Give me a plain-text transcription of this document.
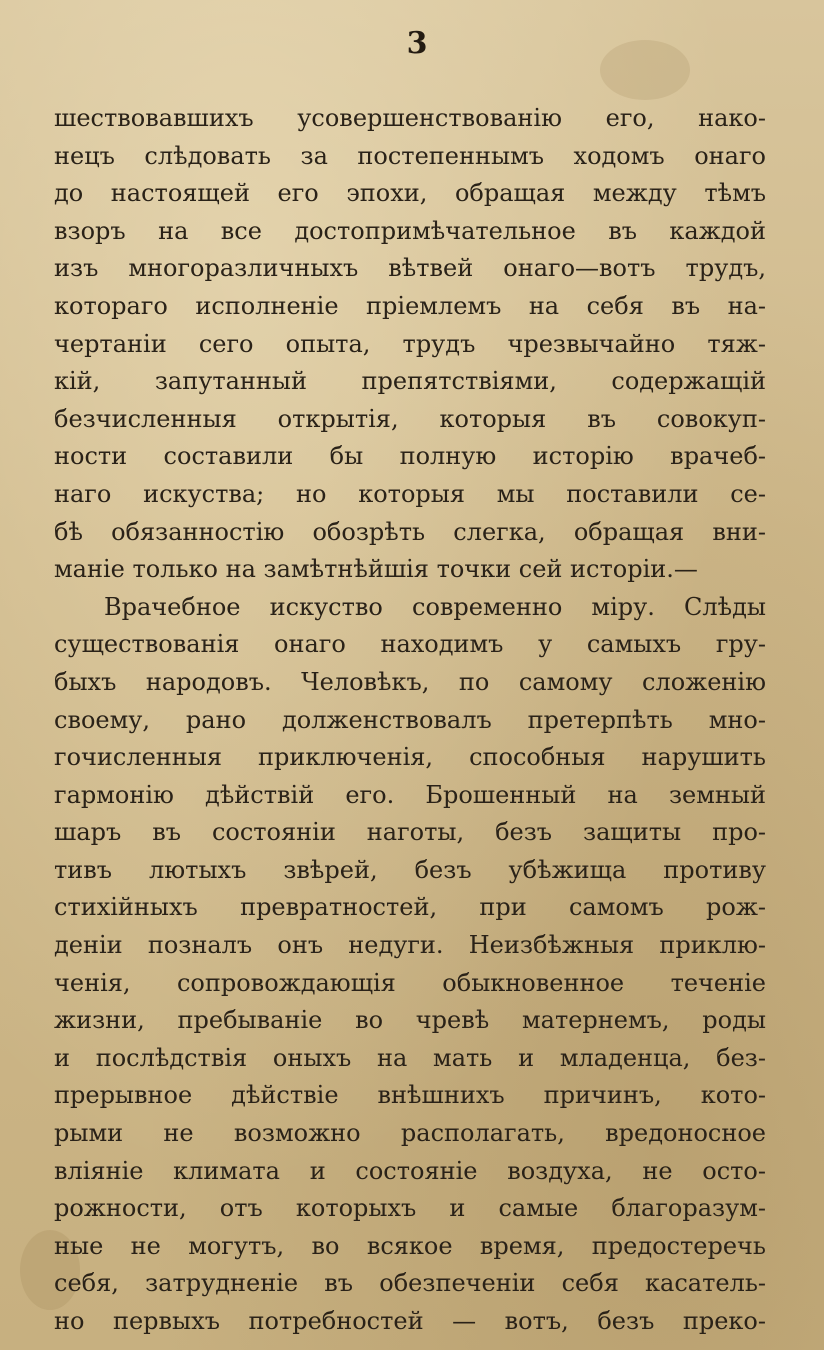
3
шествовавшихъ усовершенствованію его, нако-
нецъ слѣдовать за постепеннымъ ходомъ онаго
до настоящей его эпохи, обращая между тѣмъ
взоръ на все достопримѣчательное въ каждой
изъ многоразличныхъ вѣтвей онаго—вотъ трудъ,
котораго исполненіе пріемлемъ на себя въ на-
чертаніи сего опыта, трудъ чрезвычайно тяж-
кій, запутанный препятствіями, содержащій
безчисленныя открытія, которыя въ совокуп-
ности составили бы полную исторію врачеб-
наго искуства; но которыя мы поставили се-
бѣ обязанностію обозрѣть слегка, обращая вни-
маніе только на замѣтнѣйшія точки сей исторіи.—
Врачебное искуство современно міру. Слѣды
существованія онаго находимъ у самыхъ гру-
быхъ народовъ. Человѣкъ, по самому сложенію
своему, рано долженствовалъ претерпѣть мно-
гочисленныя приключенія, способныя нарушить
гармонію дѣйствій его. Брошенный на земный
шаръ въ состояніи наготы, безъ защиты про-
тивъ лютыхъ звѣрей, безъ убѣжища противу
стихійныхъ превратностей, при самомъ рож-
деніи позналъ онъ недуги. Неизбѣжныя приклю-
ченія, сопровождающія обыкновенное теченіе
жизни, пребываніе во чревѣ матернемъ, роды
и послѣдствія оныхъ на мать и младенца, без-
прерывное дѣйствіе внѣшнихъ причинъ, кото-
рыми не возможно располагать, вредоносное
вліяніе климата и состояніе воздуха, не осто-
рожности, отъ которыхъ и самые благоразум-
ные не могутъ, во всякое время, предостеречь
себя, затрудненіе въ обезпеченіи себя касатель-
но первыхъ потребностей — вотъ, безъ преко-
